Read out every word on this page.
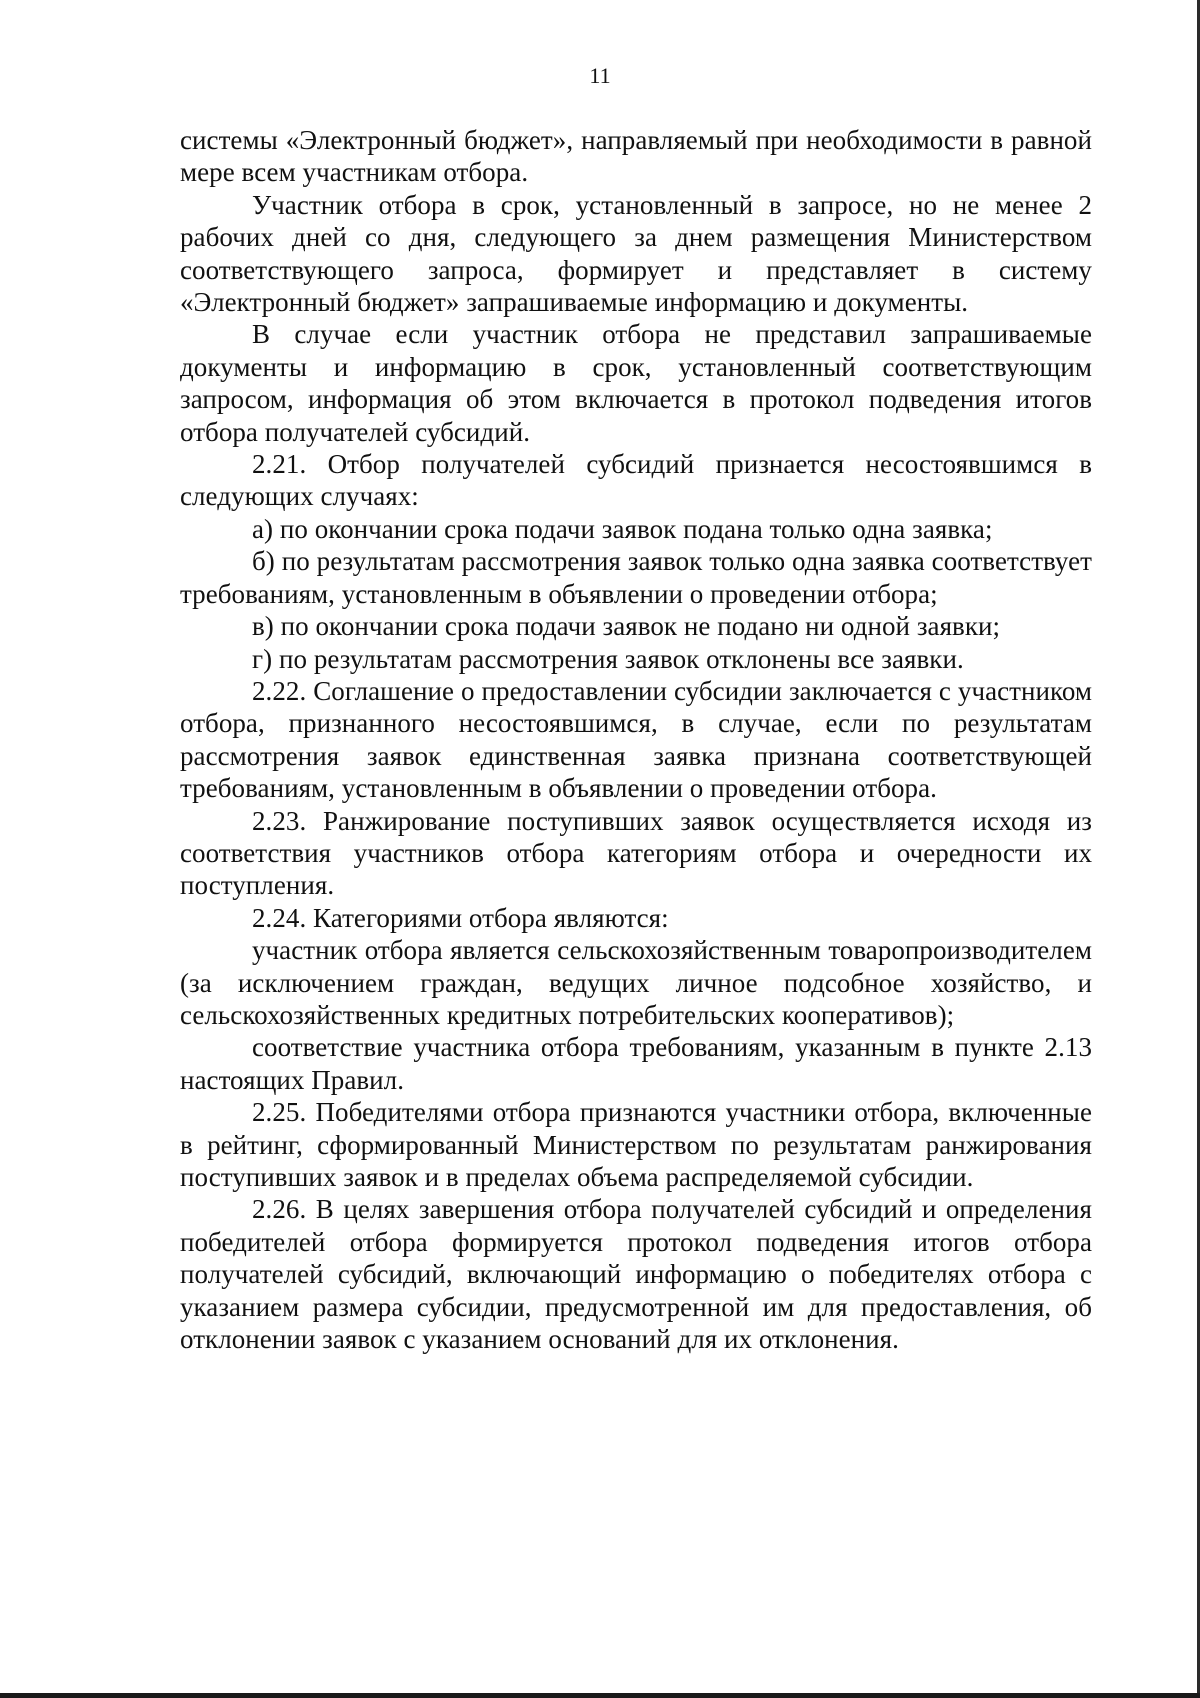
11

системы «Электронный бюджет», направляемый при необходимости в равной мере всем участникам отбора.

Участник отбора в срок, установленный в запросе, но не менее 2 рабочих дней со дня, следующего за днем размещения Министерством соответствующего запроса, формирует и представляет в систему «Электронный бюджет» запрашиваемые информацию и документы.

В случае если участник отбора не представил запрашиваемые документы и информацию в срок, установленный соответствующим запросом, информация об этом включается в протокол подведения итогов отбора получателей субсидий.

2.21. Отбор получателей субсидий признается несостоявшимся в следующих случаях:

а) по окончании срока подачи заявок подана только одна заявка;

б) по результатам рассмотрения заявок только одна заявка соответствует требованиям, установленным в объявлении о проведении отбора;

в) по окончании срока подачи заявок не подано ни одной заявки;

г) по результатам рассмотрения заявок отклонены все заявки.

2.22. Соглашение о предоставлении субсидии заключается с участником отбора, признанного несостоявшимся, в случае, если по результатам рассмотрения заявок единственная заявка признана соответствующей требованиям, установленным в объявлении о проведении отбора.

2.23. Ранжирование поступивших заявок осуществляется исходя из соответствия участников отбора категориям отбора и очередности их поступления.

2.24. Категориями отбора являются:

участник отбора является сельскохозяйственным товаропроизводителем (за исключением граждан, ведущих личное подсобное хозяйство, и сельскохозяйственных кредитных потребительских кооперативов);

соответствие участника отбора требованиям, указанным в пункте 2.13 настоящих Правил.

2.25. Победителями отбора признаются участники отбора, включенные в рейтинг, сформированный Министерством по результатам ранжирования поступивших заявок и в пределах объема распределяемой субсидии.

2.26. В целях завершения отбора получателей субсидий и определения победителей отбора формируется протокол подведения итогов отбора получателей субсидий, включающий информацию о победителях отбора с указанием размера субсидии, предусмотренной им для предоставления, об отклонении заявок с указанием оснований для их отклонения.
